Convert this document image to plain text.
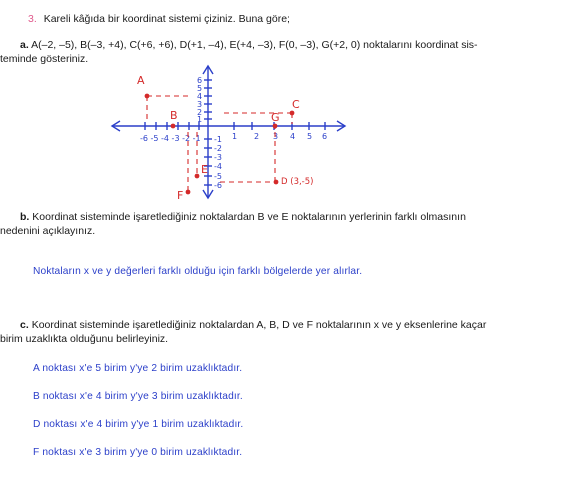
3. Kareli kâğıda bir koordinat sistemi çiziniz. Buna göre;
a. A(–2, –5), B(–3, +4), C(+6, +6), D(+1, –4), E(+4, –3), F(0, –3), G(+2, 0) noktalarını koordinat sis-
teminde gösteriniz.
-6 -5 -4 -3 -2 -1	1 2 3 4 5 6
6
5
4
3
2
1
-1
-2
-3
-4
-5
-6
A
B
C
G
E
F
D (3,-5)
b. Koordinat sisteminde işaretlediğiniz noktalardan B ve E noktalarının yerlerinin farklı olmasının
nedenini açıklayınız.
Noktaların x ve y değerleri farklı olduğu için farklı bölgelerde yer alırlar.
c. Koordinat sisteminde işaretlediğiniz noktalardan A, B, D ve F noktalarının x ve y eksenlerine kaçar
birim uzaklıkta olduğunu belirleyiniz.
A noktası x'e 5 birim y'ye 2 birim uzaklıktadır.
B noktası x'e 4 birim y'ye 3 birim uzaklıktadır.
D noktası x'e 4 birim y'ye 1 birim uzaklıktadır.
F noktası x'e 3 birim y'ye 0 birim uzaklıktadır.
